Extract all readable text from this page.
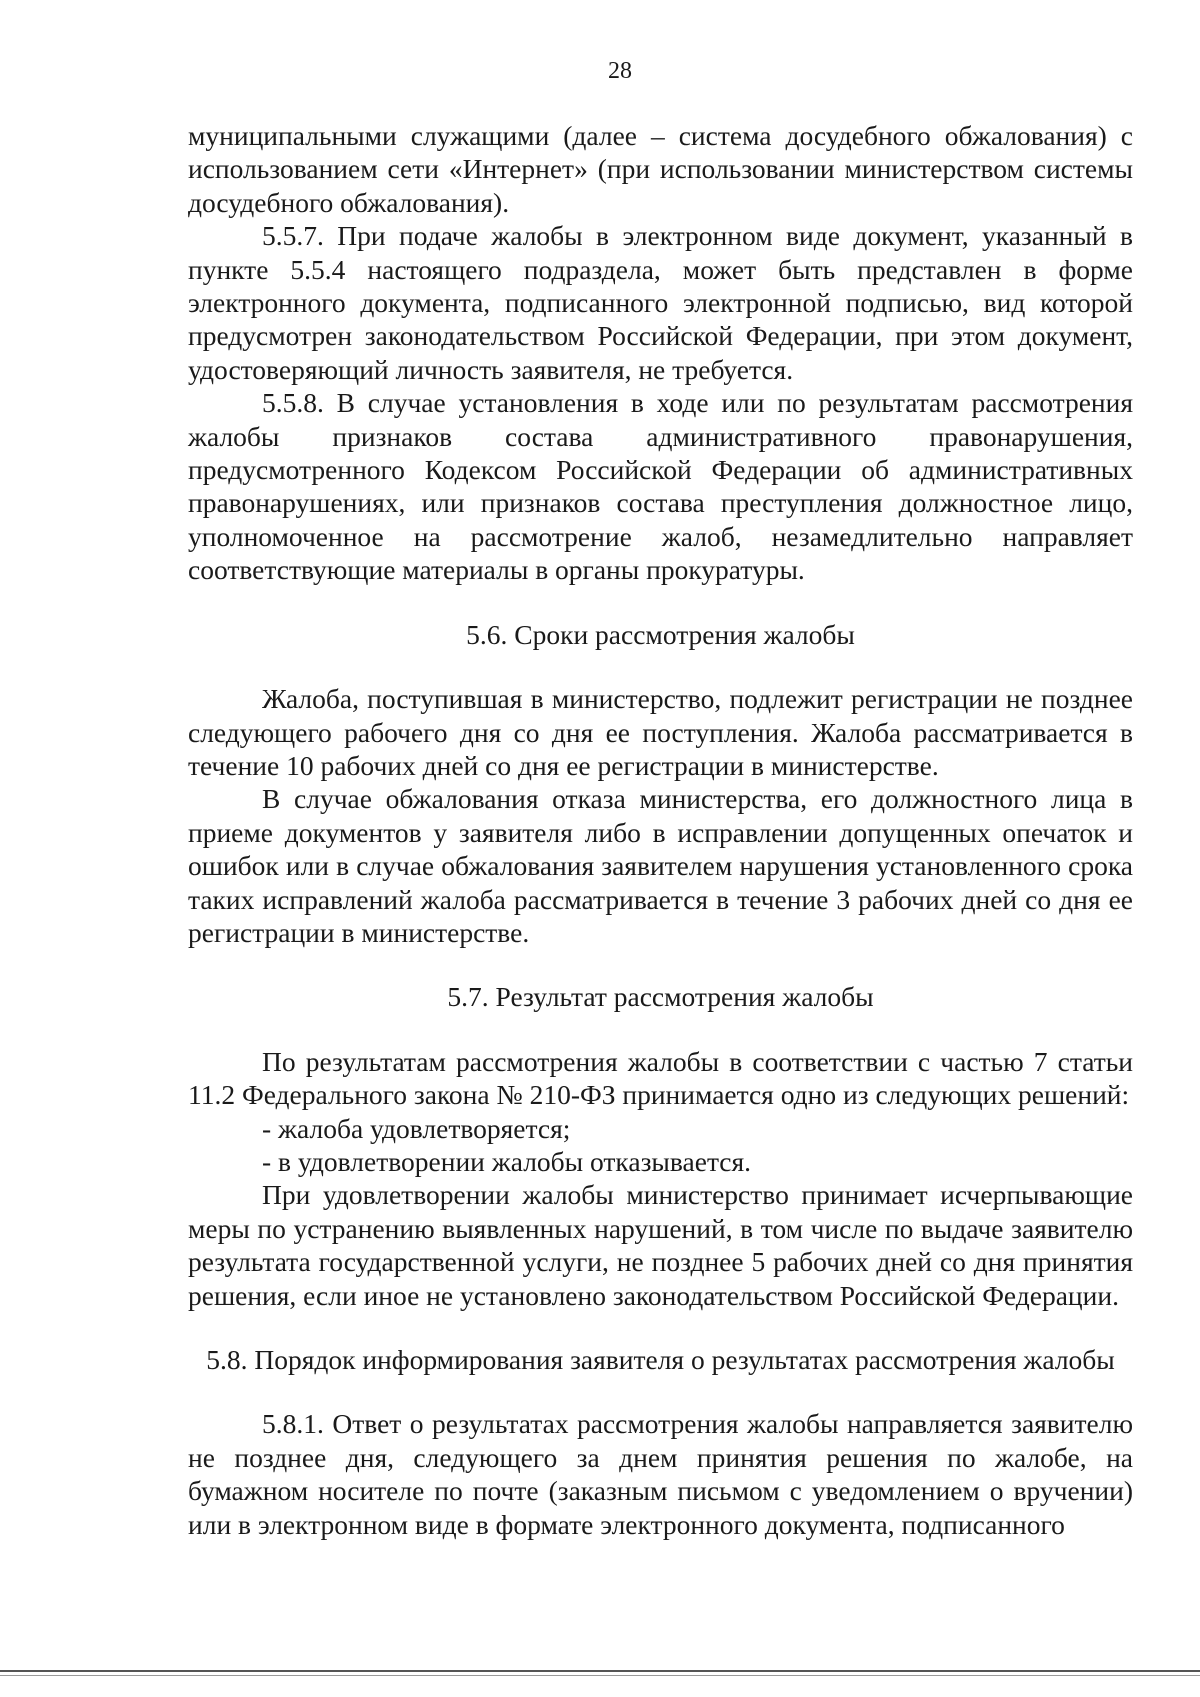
28

муниципальными служащими (далее – система досудебного обжалования) с использованием сети «Интернет» (при использовании министерством системы досудебного обжалования).

5.5.7. При подаче жалобы в электронном виде документ, указанный в пункте 5.5.4 настоящего подраздела, может быть представлен в форме электронного документа, подписанного электронной подписью, вид которой предусмотрен законодательством Российской Федерации, при этом документ, удостоверяющий личность заявителя, не требуется.

5.5.8. В случае установления в ходе или по результатам рассмотрения жалобы признаков состава административного правонарушения, предусмотренного Кодексом Российской Федерации об административных правонарушениях, или признаков состава преступления должностное лицо, уполномоченное на рассмотрение жалоб, незамедлительно направляет соответствующие материалы в органы прокуратуры.

5.6. Сроки рассмотрения жалобы

Жалоба, поступившая в министерство, подлежит регистрации не позднее следующего рабочего дня со дня ее поступления. Жалоба рассматривается в течение 10 рабочих дней со дня ее регистрации в министерстве.

В случае обжалования отказа министерства, его должностного лица в приеме документов у заявителя либо в исправлении допущенных опечаток и ошибок или в случае обжалования заявителем нарушения установленного срока таких исправлений жалоба рассматривается в течение 3 рабочих дней со дня ее регистрации в министерстве.

5.7. Результат рассмотрения жалобы

По результатам рассмотрения жалобы в соответствии с частью 7 статьи 11.2 Федерального закона № 210-ФЗ принимается одно из следующих решений:

- жалоба удовлетворяется;

- в удовлетворении жалобы отказывается.

При удовлетворении жалобы министерство принимает исчерпывающие меры по устранению выявленных нарушений, в том числе по выдаче заявителю результата государственной услуги, не позднее 5 рабочих дней со дня принятия решения, если иное не установлено законодательством Российской Федерации.

5.8. Порядок информирования заявителя о результатах рассмотрения жалобы

5.8.1. Ответ о результатах рассмотрения жалобы направляется заявителю не позднее дня, следующего за днем принятия решения по жалобе, на бумажном носителе по почте (заказным письмом с уведомлением о вручении) или в электронном виде в формате электронного документа, подписанного
